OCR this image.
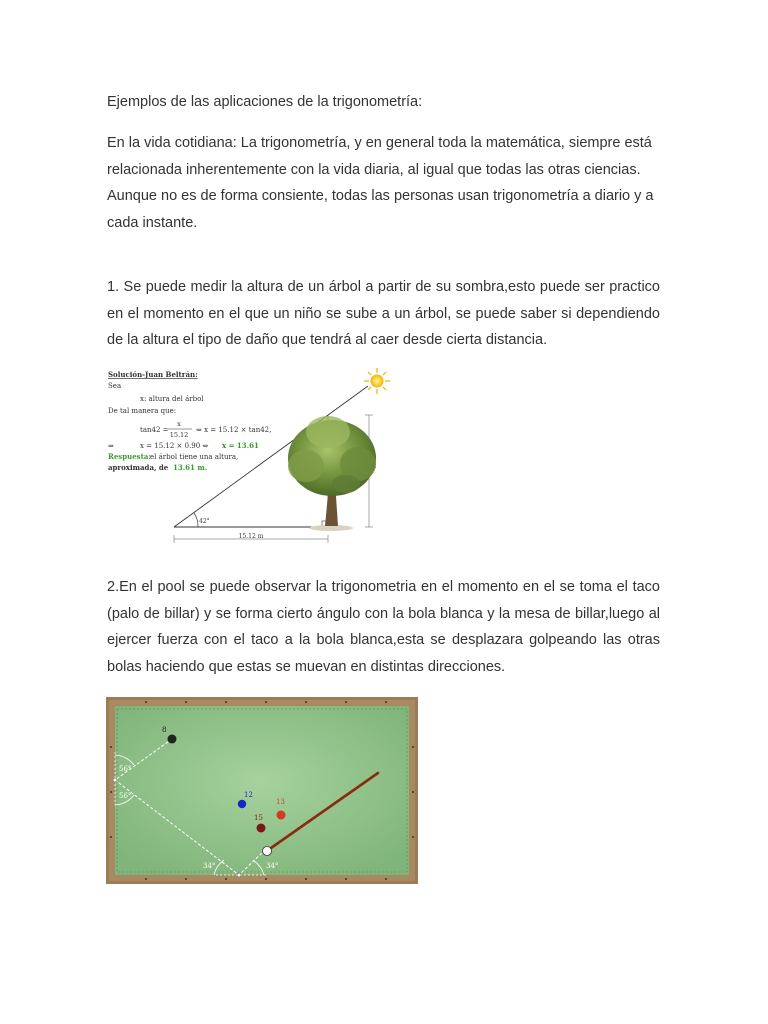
Ejemplos de las aplicaciones de la trigonometría:

En la vida cotidiana: La trigonometría, y en general toda la matemática, siempre está relacionada inherentemente con la vida diaria, al igual que todas las otras ciencias. Aunque no es de forma consiente, todas las personas usan trigonometría a diario y a cada instante.

1. Se puede medir la altura de un árbol a partir de su sombra,esto puede ser practico en el momento en el que un niño se sube a un árbol, se puede saber si dependiendo de la altura el tipo de daño que tendrá al caer desde cierta distancia.

Solución-Juan Beltrán:
Sea
x: altura del árbol
De tal manera que:
tan42 =
x
15.12
⇔ x = 15.12 × tan42,
⇒	x = 15.12 × 0.90 ⇔ x = 13.61
Respuesta: el árbol tiene una altura,
aproximada, de 13.61 m.
42°
15.12 m

2.En el pool se puede observar la trigonometria en el momento en el se toma el taco (palo de billar) y se forma cierto ángulo con la bola blanca y la mesa de billar,luego al ejercer fuerza con el taco a la bola blanca,esta se desplazara golpeando las otras bolas haciendo que estas se muevan en distintas direcciones.

56°
56°
34°	34°
8
12
13
15
